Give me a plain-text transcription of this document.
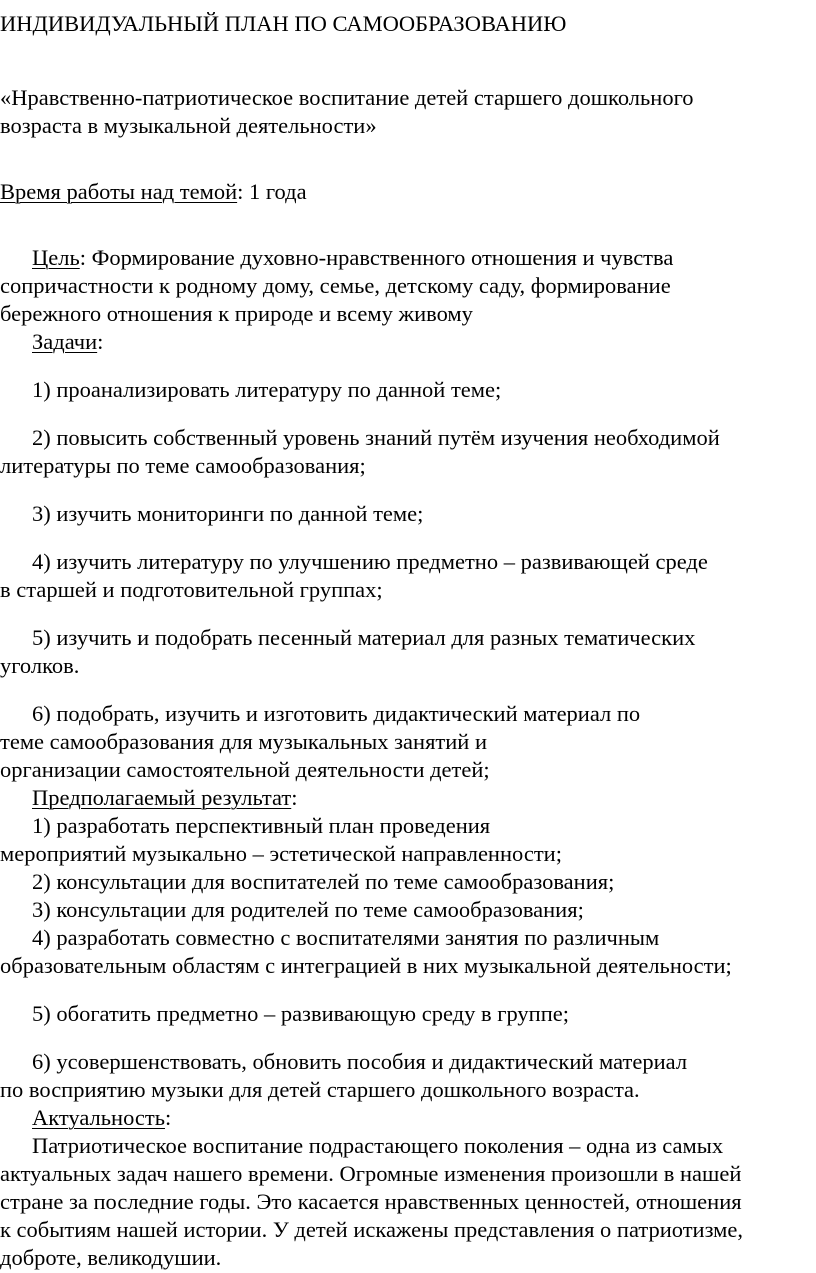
ИНДИВИДУАЛЬНЫЙ ПЛАН ПО САМООБРАЗОВАНИЮ
«Нравственно-патриотическое воспитание детей старшего дошкольного
возраста в музыкальной деятельности»
Время работы над темой: 1 года
Цель: Формирование духовно-нравственного отношения и чувства
сопричастности к родному дому, семье, детскому саду, формирование
бережного отношения к природе и всему живому
Задачи:
1) проанализировать литературу по данной теме;
2) повысить собственный уровень знаний путём изучения необходимой
литературы по теме самообразования;
3) изучить мониторинги по данной теме;
4) изучить литературу по улучшению предметно – развивающей среде
в старшей и подготовительной группах;
5) изучить и подобрать песенный материал для разных тематических
уголков.
6) подобрать, изучить и изготовить дидактический материал по
теме самообразования для музыкальных занятий и
организации самостоятельной деятельности детей;
Предполагаемый результат:
1) разработать перспективный план проведения
мероприятий музыкально – эстетической направленности;
2) консультации для воспитателей по теме самообразования;
3) консультации для родителей по теме самообразования;
4) разработать совместно с воспитателями занятия по различным
образовательным областям с интеграцией в них музыкальной деятельности;
5) обогатить предметно – развивающую среду в группе;
6) усовершенствовать, обновить пособия и дидактический материал
по восприятию музыки для детей старшего дошкольного возраста.
Актуальность:
Патриотическое воспитание подрастающего поколения – одна из самых
актуальных задач нашего времени. Огромные изменения произошли в нашей
стране за последние годы. Это касается нравственных ценностей, отношения
к событиям нашей истории. У детей искажены представления о патриотизме,
доброте, великодушии.
